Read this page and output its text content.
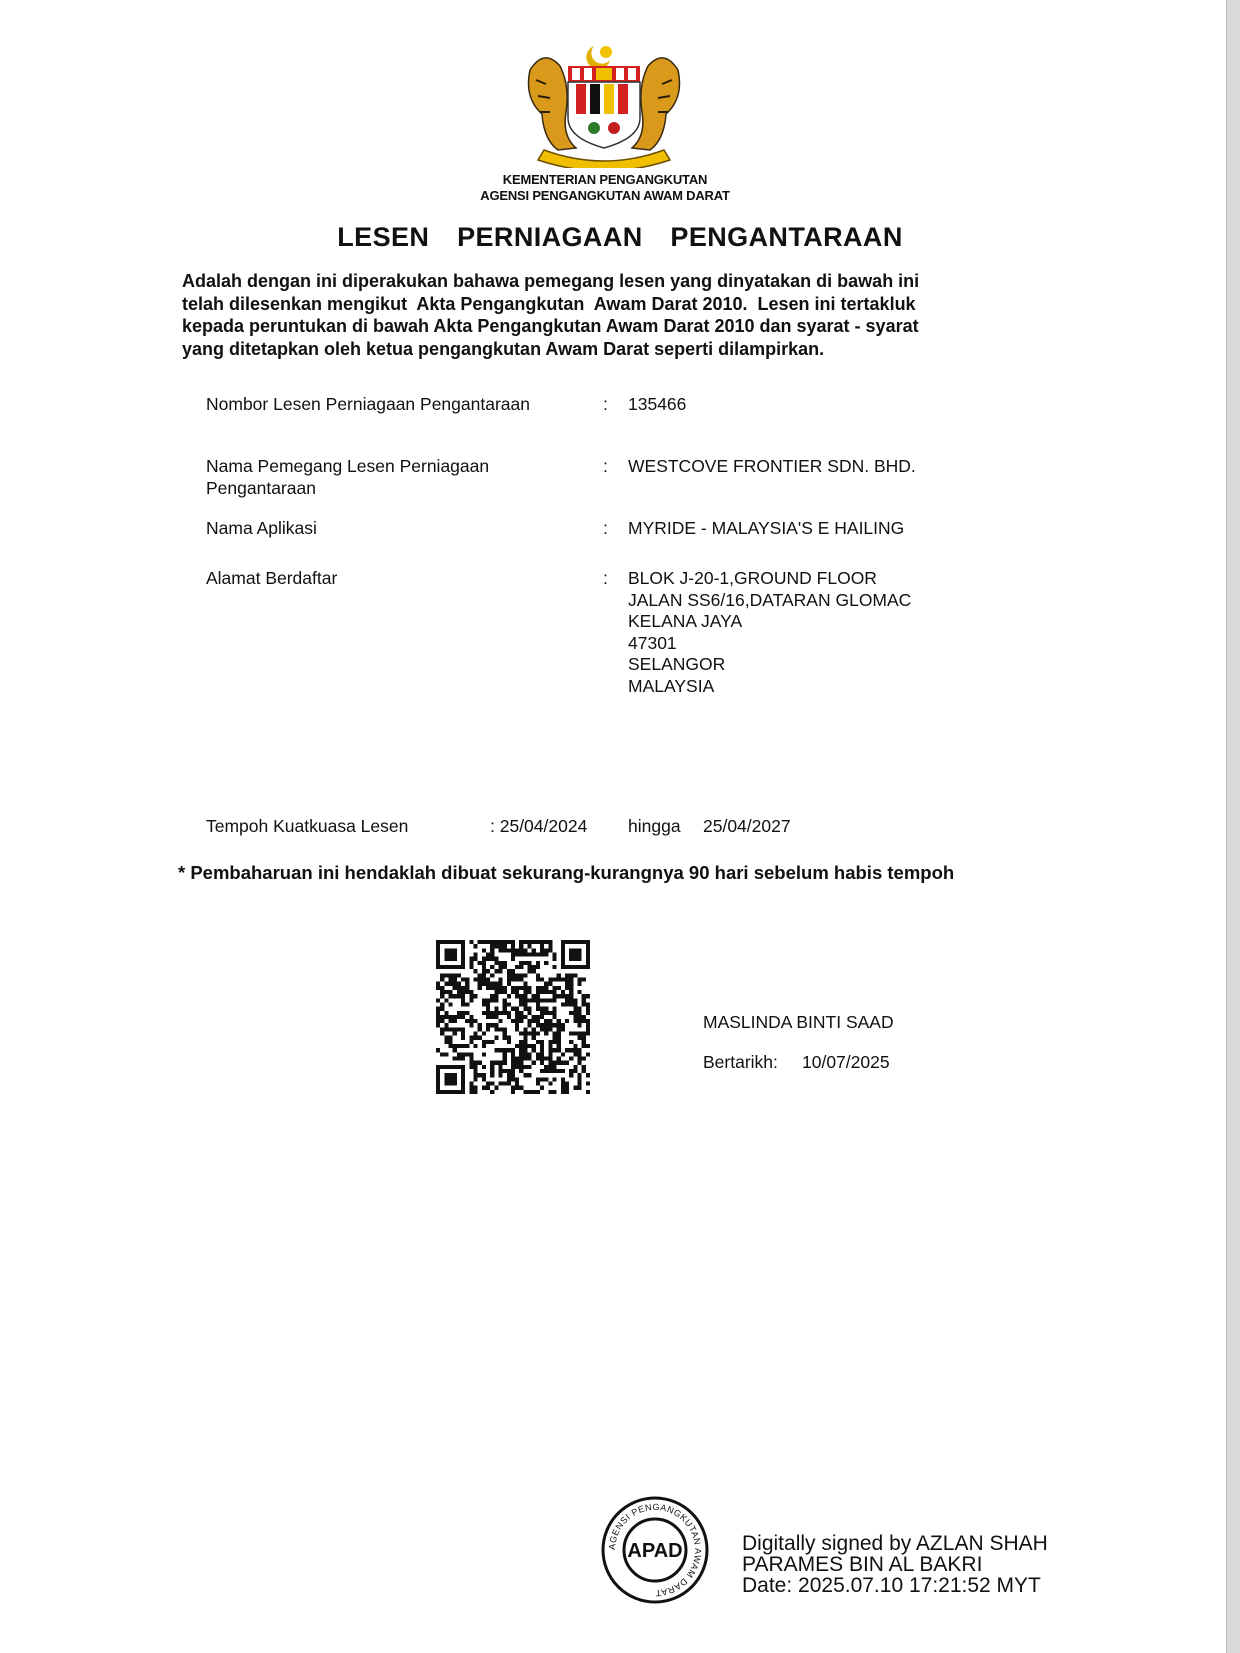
KEMENTERIAN PENGANGKUTAN
AGENSI PENGANGKUTAN AWAM DARAT
LESEN  PERNIAGAAN  PENGANTARAAN
Adalah dengan ini diperakukan bahawa pemegang lesen yang dinyatakan di bawah ini
telah dilesenkan mengikut  Akta Pengangkutan  Awam Darat 2010.  Lesen ini tertakluk
kepada peruntukan di bawah Akta Pengangkutan Awam Darat 2010 dan syarat - syarat
yang ditetapkan oleh ketua pengangkutan Awam Darat seperti dilampirkan.
Nombor Lesen Perniagaan Pengantaraan	: 135466
Nama Pemegang Lesen Perniagaan
Pengantaraan
: WESTCOVE FRONTIER SDN. BHD.
Nama Aplikasi	: MYRIDE - MALAYSIA'S E HAILING
Alamat Berdaftar	: BLOK J-20-1,GROUND FLOOR
JALAN SS6/16,DATARAN GLOMAC
KELANA JAYA
47301
SELANGOR
MALAYSIA
Tempoh Kuatkuasa Lesen	: 25/04/2024 hingga 25/04/2027
* Pembaharuan ini hendaklah dibuat sekurang-kurangnya 90 hari sebelum habis tempoh
MASLINDA BINTI SAAD
Bertarikh: 10/07/2025
AGENSI PENGANGKUTAN AWAM DARAT
APAD	Digitally signed by AZLAN SHAH
PARAMES BIN AL BAKRI
Date: 2025.07.10 17:21:52 MYT
